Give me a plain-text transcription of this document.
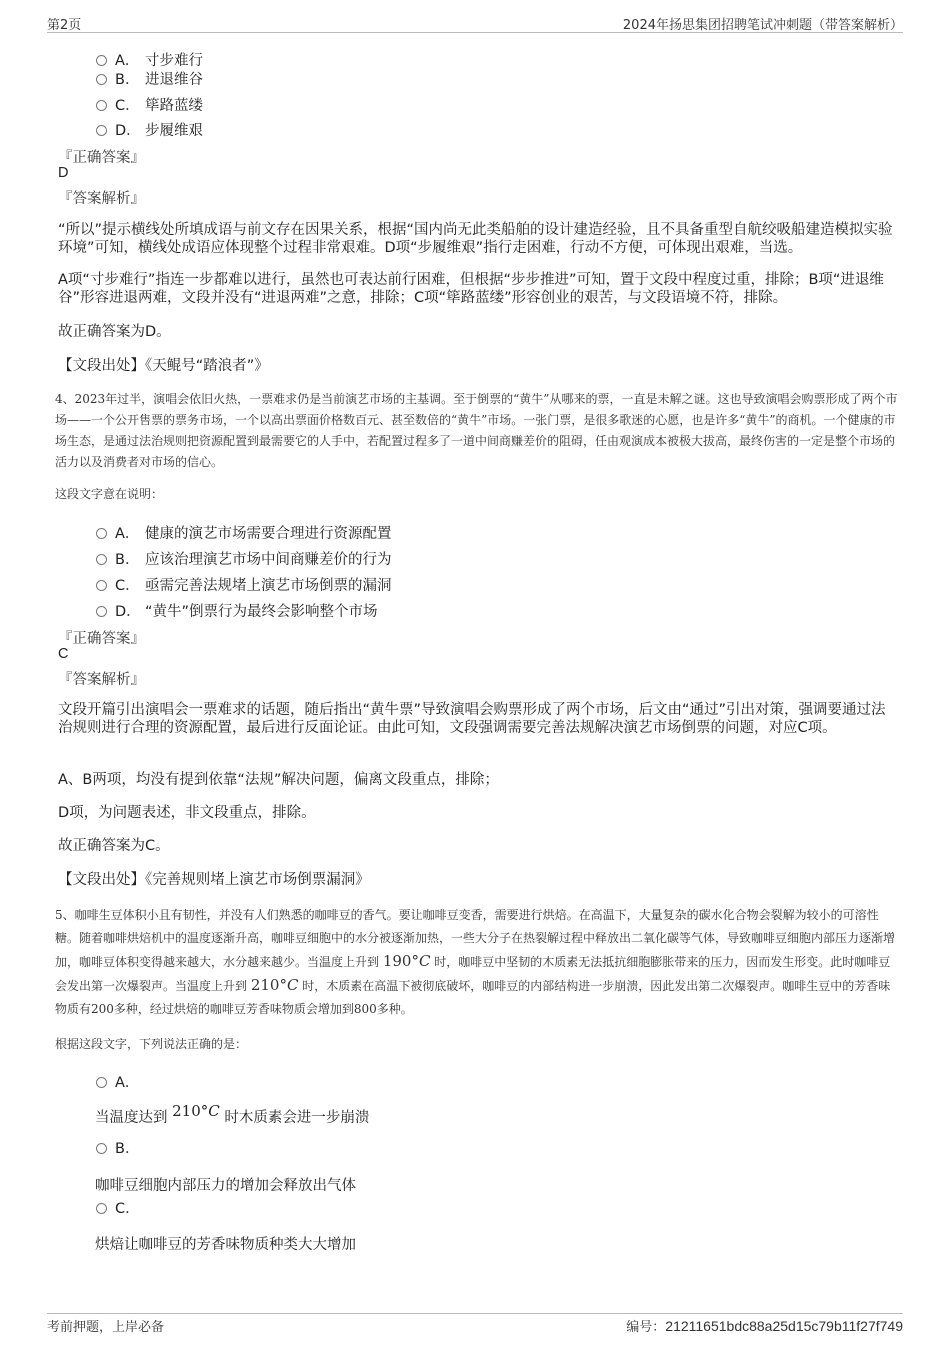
第2页	2024年扬思集团招聘笔试冲刺题（带答案解析）
A． 寸步难行
B． 进退维谷
C． 筚路蓝缕
D． 步履维艰
『正确答案』
D
『答案解析』
“所以”提示横线处所填成语与前文存在因果关系，根据“国内尚无此类船舶的设计建造经验，且不具备重型自航绞吸船建造模拟实验环境”可知，横线处成语应体现整个过程非常艰难。D项“步履维艰”指行走困难，行动不方便，可体现出艰难，当选。
A项“寸步难行”指连一步都难以进行，虽然也可表达前行困难，但根据“步步推进”可知，置于文段中程度过重，排除；B项“进退维谷”形容进退两难，文段并没有“进退两难”之意，排除；C项“筚路蓝缕”形容创业的艰苦，与文段语境不符，排除。
故正确答案为D。
【文段出处】《天鲲号“踏浪者”》
4、2023年过半，演唱会依旧火热，一票难求仍是当前演艺市场的主基调。至于倒票的“黄牛”从哪来的票，一直是未解之谜。这也导致演唱会购票形成了两个市场——一个公开售票的票务市场，一个以高出票面价格数百元、甚至数倍的“黄牛”市场。一张门票，是很多歌迷的心愿，也是许多“黄牛”的商机。一个健康的市场生态，是通过法治规则把资源配置到最需要它的人手中，若配置过程多了一道中间商赚差价的阻碍，任由观演成本被极大拔高，最终伤害的一定是整个市场的活力以及消费者对市场的信心。
这段文字意在说明：
A． 健康的演艺市场需要合理进行资源配置
B． 应该治理演艺市场中间商赚差价的行为
C． 亟需完善法规堵上演艺市场倒票的漏洞
D． “黄牛”倒票行为最终会影响整个市场
『正确答案』
C
『答案解析』
文段开篇引出演唱会一票难求的话题，随后指出“黄牛票”导致演唱会购票形成了两个市场，后文由“通过”引出对策，强调要通过法治规则进行合理的资源配置，最后进行反面论证。由此可知，文段强调需要完善法规解决演艺市场倒票的问题，对应C项。
A、B两项，均没有提到依靠“法规”解决问题，偏离文段重点，排除；
D项，为问题表述，非文段重点，排除。
故正确答案为C。
【文段出处】《完善规则堵上演艺市场倒票漏洞》
5、咖啡生豆体积小且有韧性，并没有人们熟悉的咖啡豆的香气。要让咖啡豆变香，需要进行烘焙。在高温下，大量复杂的碳水化合物会裂解为较小的可溶性糖。随着咖啡烘焙机中的温度逐渐升高，咖啡豆细胞中的水分被逐渐加热，一些大分子在热裂解过程中释放出二氧化碳等气体，导致咖啡豆细胞内部压力逐渐增加，咖啡豆体积变得越来越大，水分越来越少。当温度上升到 190°C 时，咖啡豆中坚韧的木质素无法抵抗细胞膨胀带来的压力，因而发生形变。此时咖啡豆会发出第一次爆裂声。当温度上升到 210°C 时，木质素在高温下被彻底破坏，咖啡豆的内部结构进一步崩溃，因此发出第二次爆裂声。咖啡生豆中的芳香味物质有200多种，经过烘焙的咖啡豆芳香味物质会增加到800多种。
根据这段文字，下列说法正确的是：
A．
当温度达到 210°C 时木质素会进一步崩溃
B．
咖啡豆细胞内部压力的增加会释放出气体
C．
烘焙让咖啡豆的芳香味物质种类大大增加
考前押题，上岸必备	编号：21211651bdc88a25d15c79b11f27f749
